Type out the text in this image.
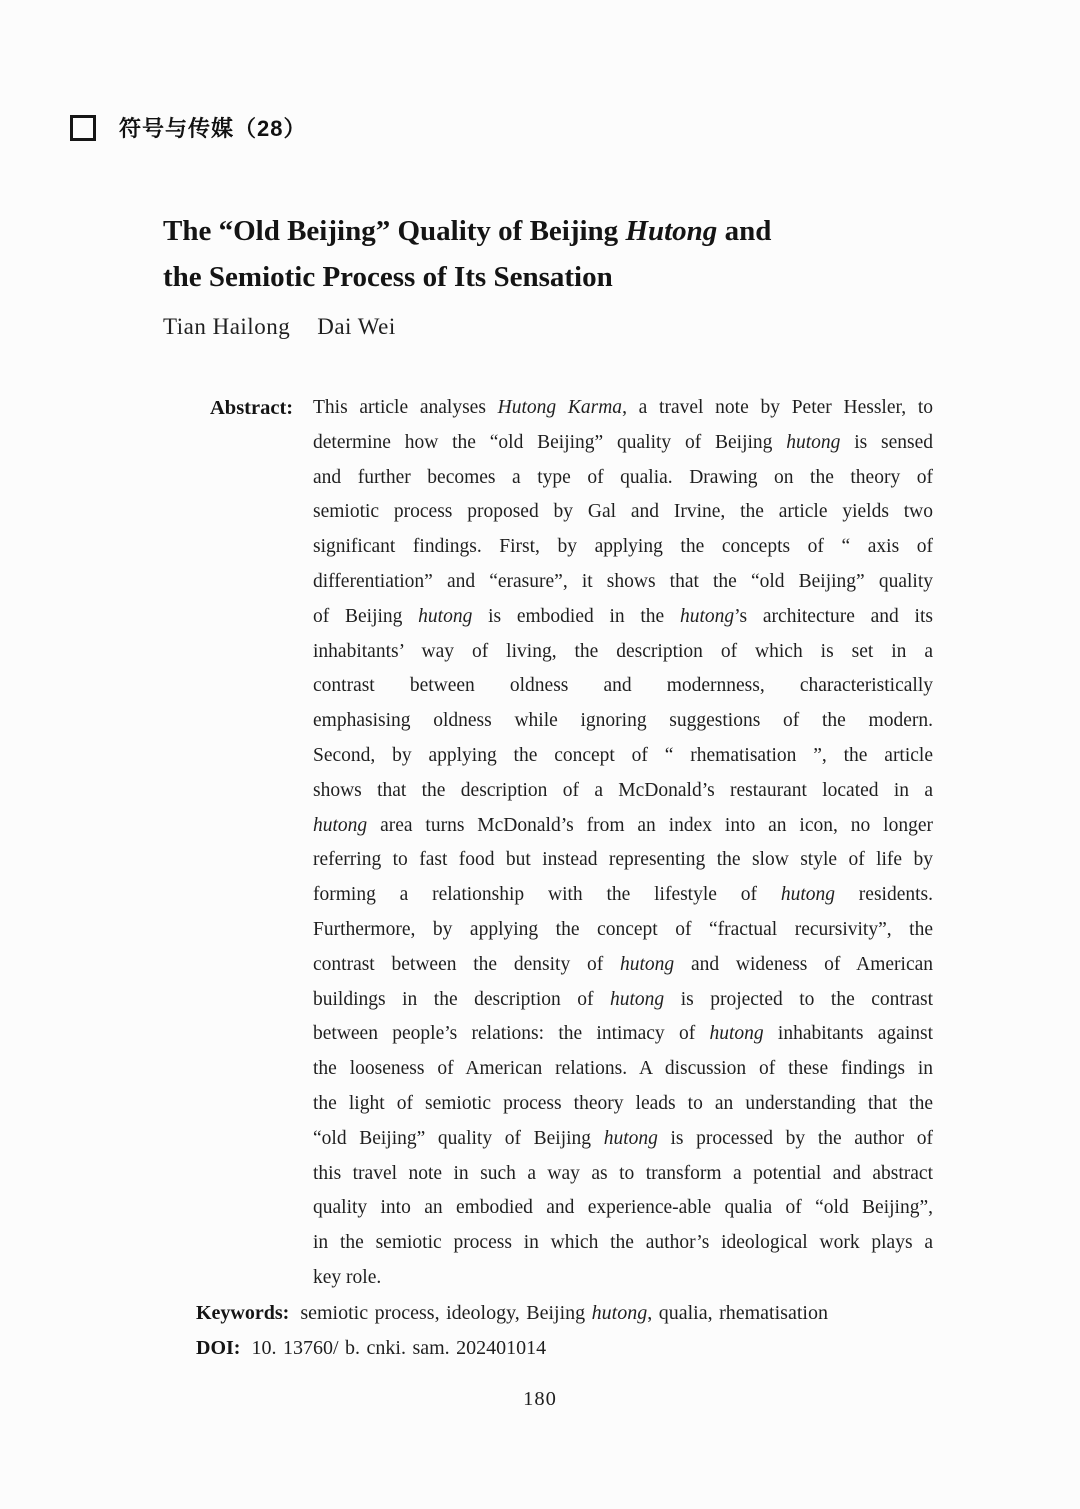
符号与传媒（28）
The “Old Beijing” Quality of Beijing Hutong and
the Semiotic Process of Its Sensation
Tian Hailong Dai Wei
Abstract:	This article analyses Hutong Karma, a travel note by Peter Hessler, to
determine how the “old Beijing” quality of Beijing hutong is sensed
and further becomes a type of qualia. Drawing on the theory of
semiotic process proposed by Gal and Irvine, the article yields two
significant findings. First, by applying the concepts of “ axis of
differentiation” and “erasure”, it shows that the “old Beijing” quality
of Beijing hutong is embodied in the hutong’s architecture and its
inhabitants’ way of living, the description of which is set in a
contrast between oldness and modernness, characteristically
emphasising oldness while ignoring suggestions of the modern.
Second, by applying the concept of “ rhematisation ”, the article
shows that the description of a McDonald’s restaurant located in a
hutong area turns McDonald’s from an index into an icon, no longer
referring to fast food but instead representing the slow style of life by
forming a relationship with the lifestyle of hutong residents.
Furthermore, by applying the concept of “fractual recursivity”, the
contrast between the density of hutong and wideness of American
buildings in the description of hutong is projected to the contrast
between people’s relations: the intimacy of hutong inhabitants against
the looseness of American relations. A discussion of these findings in
the light of semiotic process theory leads to an understanding that the
“old Beijing” quality of Beijing hutong is processed by the author of
this travel note in such a way as to transform a potential and abstract
quality into an embodied and experience-able qualia of “old Beijing”,
in the semiotic process in which the author’s ideological work plays a
key role.
Keywords: semiotic process, ideology, Beijing hutong, qualia, rhematisation
DOI: 10. 13760/ b. cnki. sam. 202401014
180
